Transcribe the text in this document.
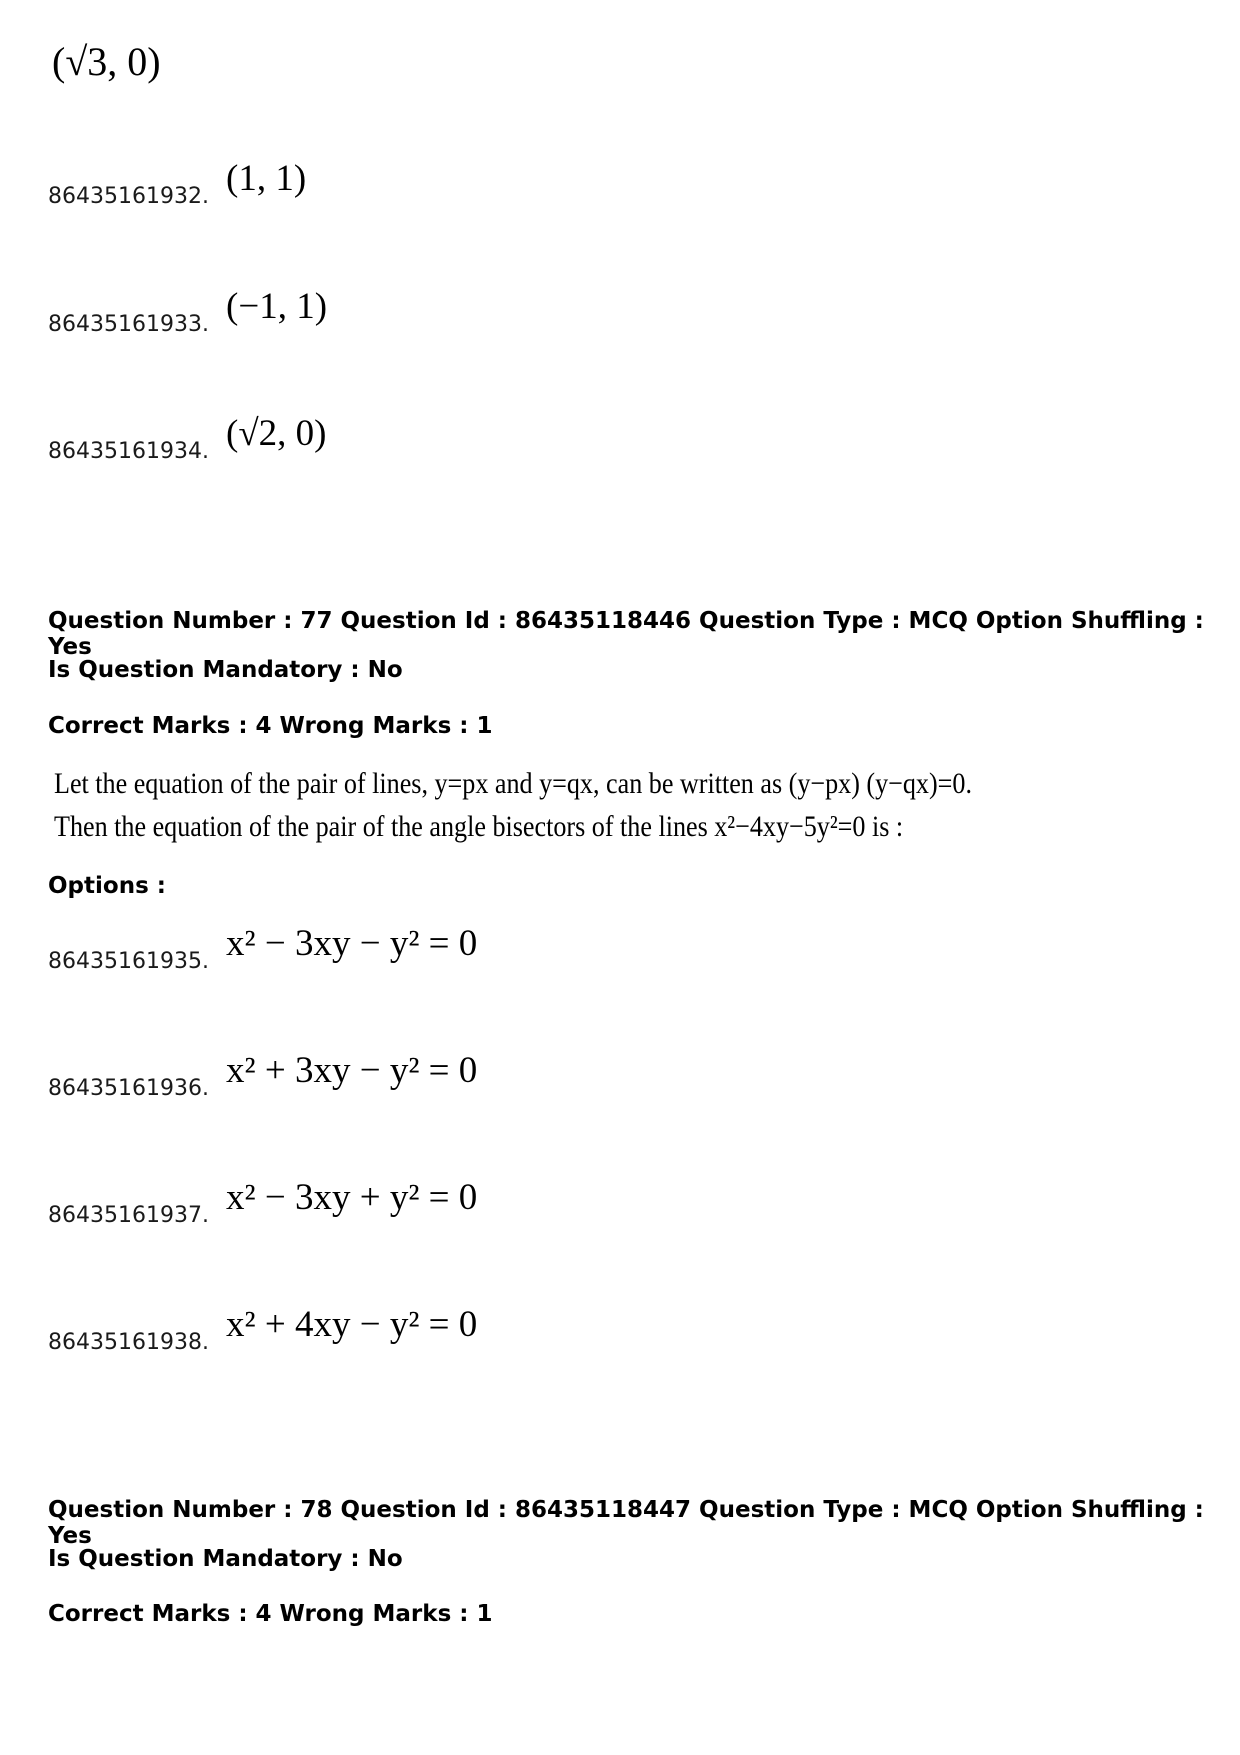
(√3, 0)
86435161932. (1, 1)
86435161933. (−1, 1)
86435161934. (√2, 0)
Question Number : 77 Question Id : 86435118446 Question Type : MCQ Option Shuffling : Yes
Is Question Mandatory : No
Correct Marks : 4 Wrong Marks : 1
Let the equation of the pair of lines, y=px and y=qx, can be written as (y−px) (y−qx)=0.
Then the equation of the pair of the angle bisectors of the lines x²−4xy−5y²=0 is :
Options :
86435161935. x² − 3xy − y² = 0
86435161936. x² + 3xy − y² = 0
86435161937. x² − 3xy + y² = 0
86435161938. x² + 4xy − y² = 0
Question Number : 78 Question Id : 86435118447 Question Type : MCQ Option Shuffling : Yes
Is Question Mandatory : No
Correct Marks : 4 Wrong Marks : 1
